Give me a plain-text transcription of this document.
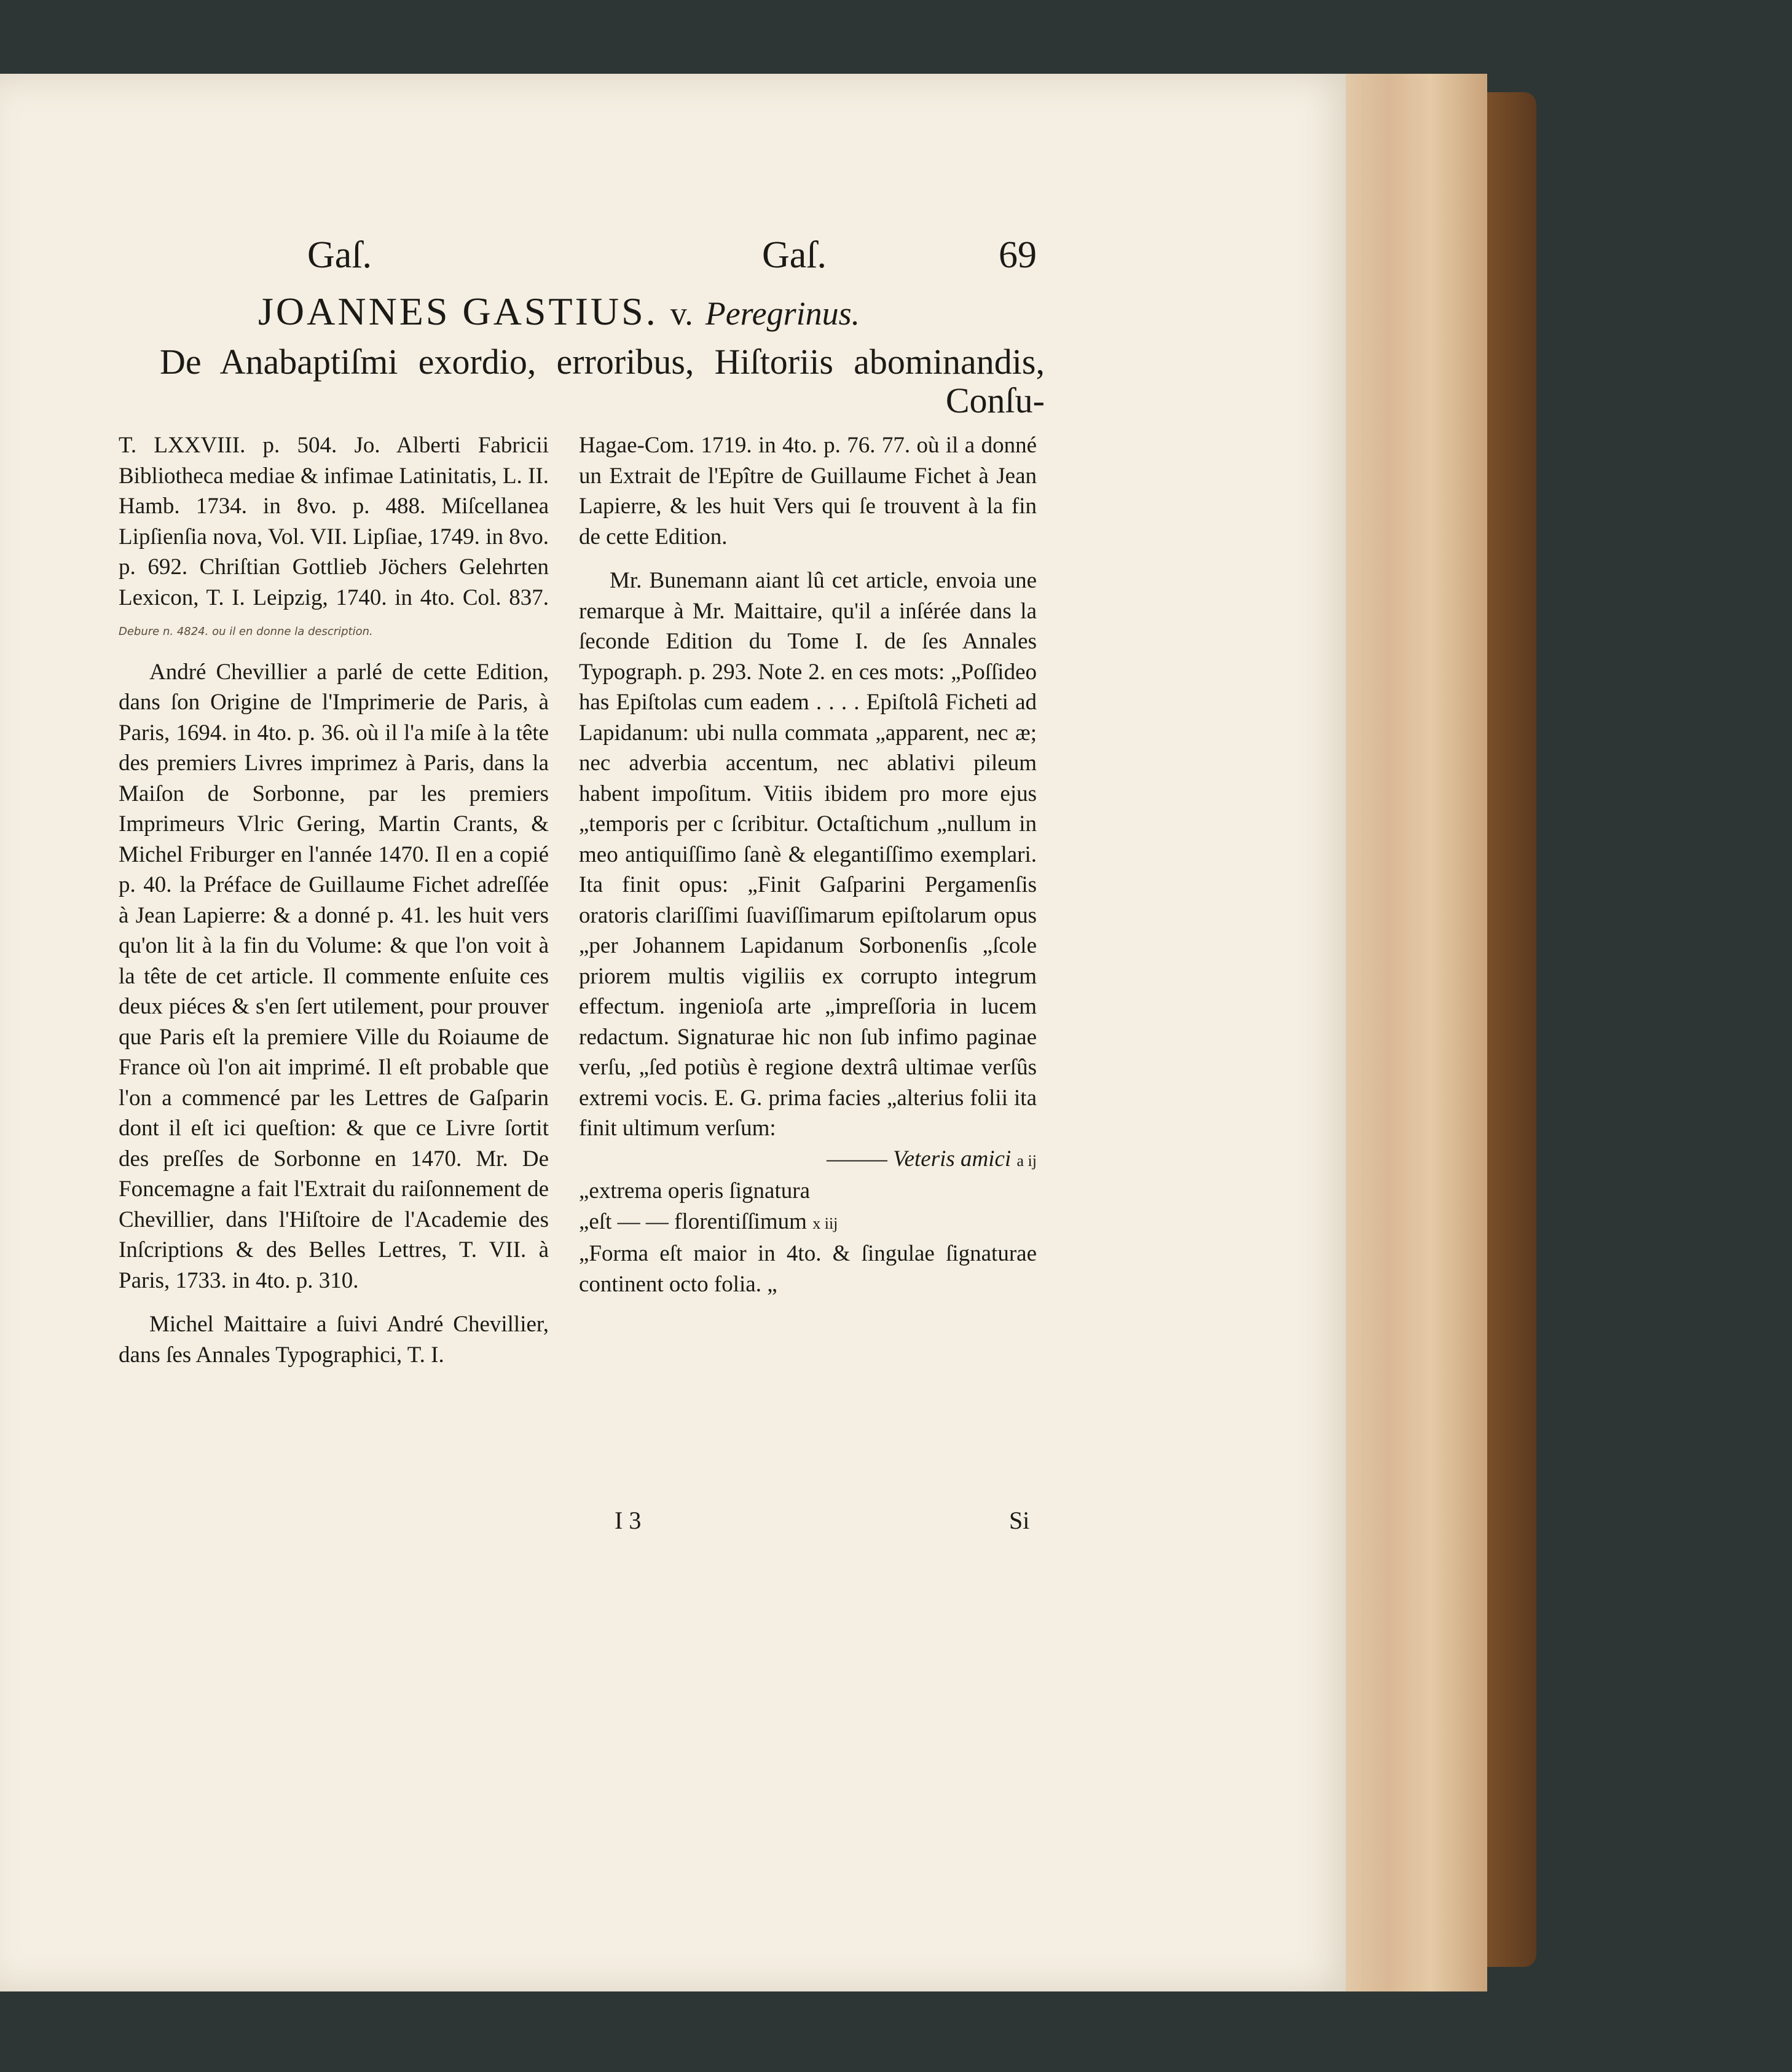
Gaſ.	Gaſ.	69
JOANNES GASTIUS. v. Peregrinus.
De Anabaptiſmi exordio, erroribus, Hiſtoriis abominandis,
Conſu-

T. LXXVIII. p. 504. Jo. Alberti Fabricii Bibliotheca mediae & infimae Latinitatis, L. II. Hamb. 1734. in 8vo. p. 488. Miſcellanea Lipſienſia nova, Vol. VII. Lipſiae, 1749. in 8vo. p. 692. Chriſtian Gottlieb Jöchers Gelehrten Lexicon, T. I. Leipzig, 1740. in 4to. Col. 837. Debure n. 4824. ou il en donne la description.

André Chevillier a parlé de cette Edition, dans ſon Origine de l'Imprimerie de Paris, à Paris, 1694. in 4to. p. 36. où il l'a miſe à la tête des premiers Livres imprimez à Paris, dans la Maiſon de Sorbonne, par les premiers Imprimeurs Vlric Gering, Martin Crants, & Michel Friburger en l'année 1470. Il en a copié p. 40. la Préface de Guillaume Fichet adreſſée à Jean Lapierre: & a donné p. 41. les huit vers qu'on lit à la fin du Volume: & que l'on voit à la tête de cet article. Il commente enſuite ces deux piéces & s'en ſert utilement, pour prouver que Paris eſt la premiere Ville du Roiaume de France où l'on ait imprimé. Il eſt probable que l'on a commencé par les Lettres de Gaſparin dont il eſt ici queſtion: & que ce Livre ſortit des preſſes de Sorbonne en 1470. Mr. De Foncemagne a fait l'Extrait du raiſonnement de Chevillier, dans l'Hiſtoire de l'Academie des Inſcriptions & des Belles Lettres, T. VII. à Paris, 1733. in 4to. p. 310.

Michel Maittaire a ſuivi André Chevillier, dans ſes Annales Typographici, T. I.

Hagae-Com. 1719. in 4to. p. 76. 77. où il a donné un Extrait de l'Epître de Guillaume Fichet à Jean Lapierre, & les huit Vers qui ſe trouvent à la fin de cette Edition.

Mr. Bunemann aiant lû cet article, envoia une remarque à Mr. Maittaire, qu'il a inſérée dans la ſeconde Edition du Tome I. de ſes Annales Typograph. p. 293. Note 2. en ces mots: „Poſſideo has Epiſtolas cum eadem . . . . Epiſtolâ Ficheti ad Lapidanum: ubi nulla commata „apparent, nec æ; nec adverbia accentum, nec ablativi pileum habent impoſitum. Vitiis ibidem pro more ejus „temporis per c ſcribitur. Octaſtichum „nullum in meo antiquiſſimo ſanè & elegantiſſimo exemplari. Ita finit opus: „Finit Gaſparini Pergamenſis oratoris clariſſimi ſuaviſſimarum epiſtolarum opus „per Johannem Lapidanum Sorbonenſis „ſcole priorem multis vigiliis ex corrupto integrum effectum. ingenioſa arte „impreſſoria in lucem redactum. Signaturae hic non ſub infimo paginae verſu, „ſed potiùs è regione dextrâ ultimae verſûs extremi vocis. E. G. prima facies „alterius folii ita finit ultimum verſum:

——— Veteris amici a ij

„extrema operis ſignatura

„eſt — — florentiſſimum x iij

„Forma eſt maior in 4to. & ſingulae ſignaturae continent octo folia. „

I 3	Si
